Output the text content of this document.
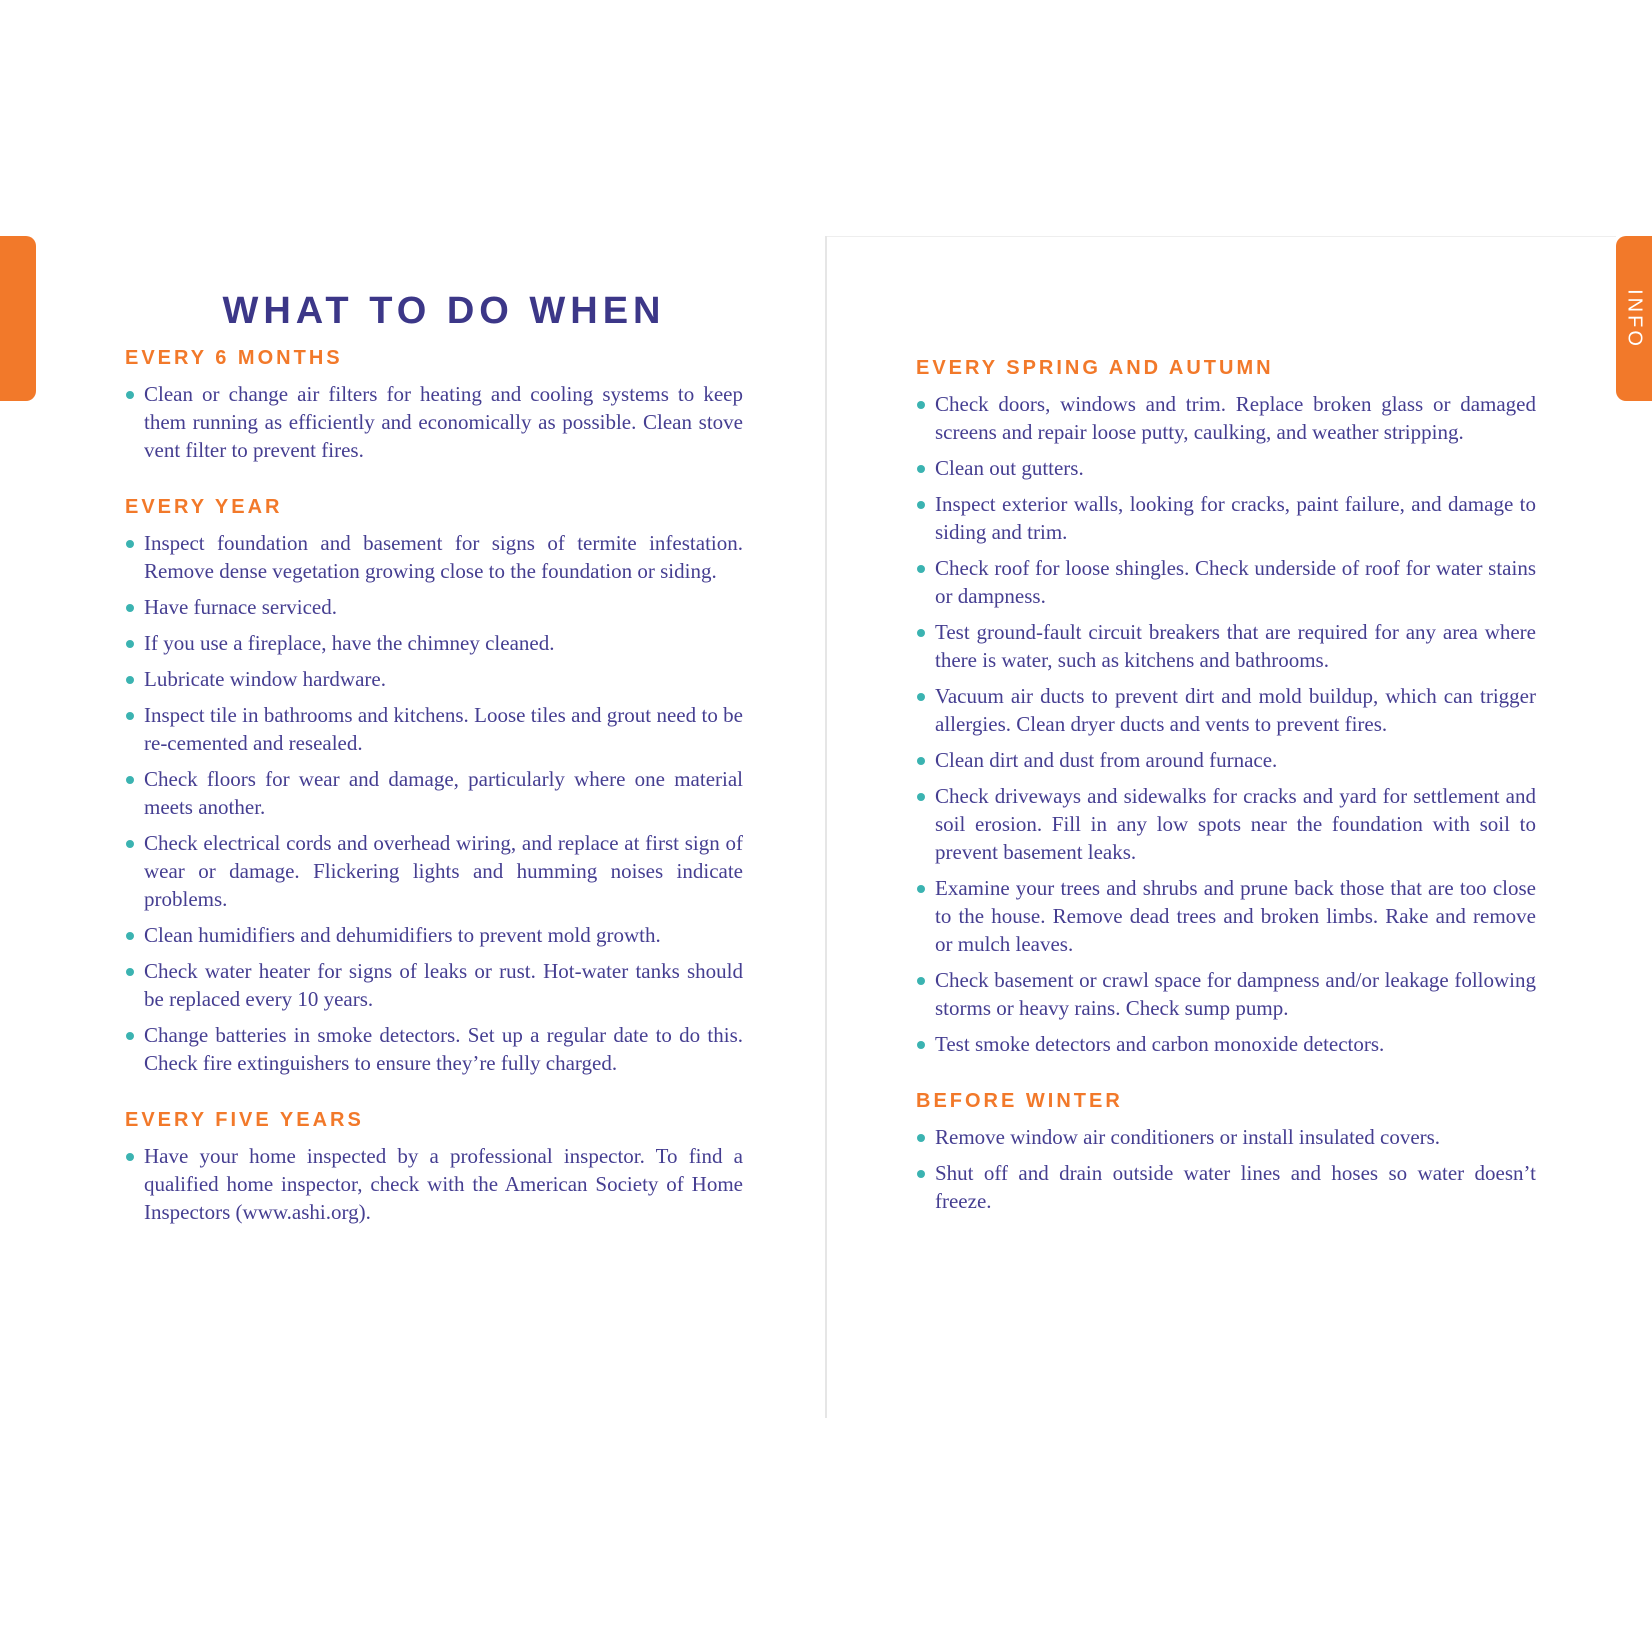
INFO
WHAT TO DO WHEN
EVERY 6 MONTHS
Clean or change air filters for heating and cooling systems to keep them running as efficiently and economically as possible. Clean stove vent filter to prevent fires.
EVERY YEAR
Inspect foundation and basement for signs of termite infestation. Remove dense vegetation growing close to the foundation or siding.
Have furnace serviced.
If you use a fireplace, have the chimney cleaned.
Lubricate window hardware.
Inspect tile in bathrooms and kitchens. Loose tiles and grout need to be re-cemented and resealed.
Check floors for wear and damage, particularly where one material meets another.
Check electrical cords and overhead wiring, and replace at first sign of wear or damage. Flickering lights and humming noises indicate problems.
Clean humidifiers and dehumidifiers to prevent mold growth.
Check water heater for signs of leaks or rust. Hot-water tanks should be replaced every 10 years.
Change batteries in smoke detectors. Set up a regular date to do this. Check fire extinguishers to ensure they’re fully charged.
EVERY FIVE YEARS
Have your home inspected by a professional inspector. To find a qualified home inspector, check with the American Society of Home Inspectors (www.ashi.org).
EVERY SPRING AND AUTUMN
Check doors, windows and trim. Replace broken glass or damaged screens and repair loose putty, caulking, and weather stripping.
Clean out gutters.
Inspect exterior walls, looking for cracks, paint failure, and damage to siding and trim.
Check roof for loose shingles. Check underside of roof for water stains or dampness.
Test ground-fault circuit breakers that are required for any area where there is water, such as kitchens and bathrooms.
Vacuum air ducts to prevent dirt and mold buildup, which can trigger allergies. Clean dryer ducts and vents to prevent fires.
Clean dirt and dust from around furnace.
Check driveways and sidewalks for cracks and yard for settlement and soil erosion. Fill in any low spots near the foundation with soil to prevent basement leaks.
Examine your trees and shrubs and prune back those that are too close to the house. Remove dead trees and broken limbs. Rake and remove or mulch leaves.
Check basement or crawl space for dampness and/or leakage following storms or heavy rains. Check sump pump.
Test smoke detectors and carbon monoxide detectors.
BEFORE WINTER
Remove window air conditioners or install insulated covers.
Shut off and drain outside water lines and hoses so water doesn’t freeze.
